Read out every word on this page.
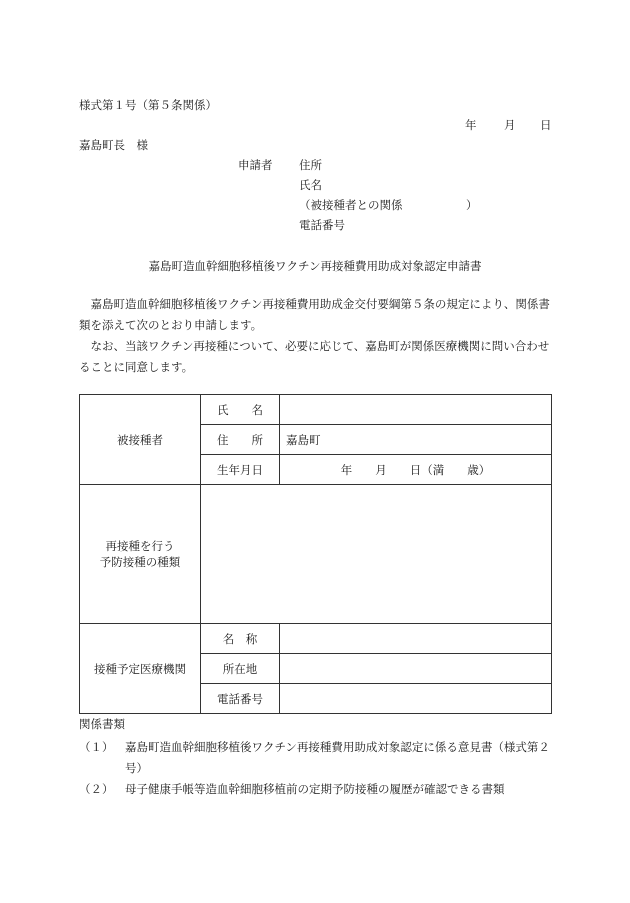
様式第１号（第５条関係）
年 月 日
嘉島町長　様
申請者 住所
氏名
（被接種者との関係	）
電話番号
嘉島町造血幹細胞移植後ワクチン再接種費用助成対象認定申請書

嘉島町造血幹細胞移植後ワクチン再接種費用助成金交付要綱第５条の規定により、関係書類を添えて次のとおり申請します。

なお、当該ワクチン再接種について、必要に応じて、嘉島町が関係医療機関に問い合わせることに同意します。

被接種者	氏　　名	
	住　　所	嘉島町
	生年月日	年　　月　　日（満　　歳）

再接種を行う
予防接種の種類		

接種予定医療機関	名　称	
	所在地	
	電話番号	
関係書類
（１） 嘉島町造血幹細胞移植後ワクチン再接種費用助成対象認定に係る意見書（様式第２号）
（２） 母子健康手帳等造血幹細胞移植前の定期予防接種の履歴が確認できる書類
